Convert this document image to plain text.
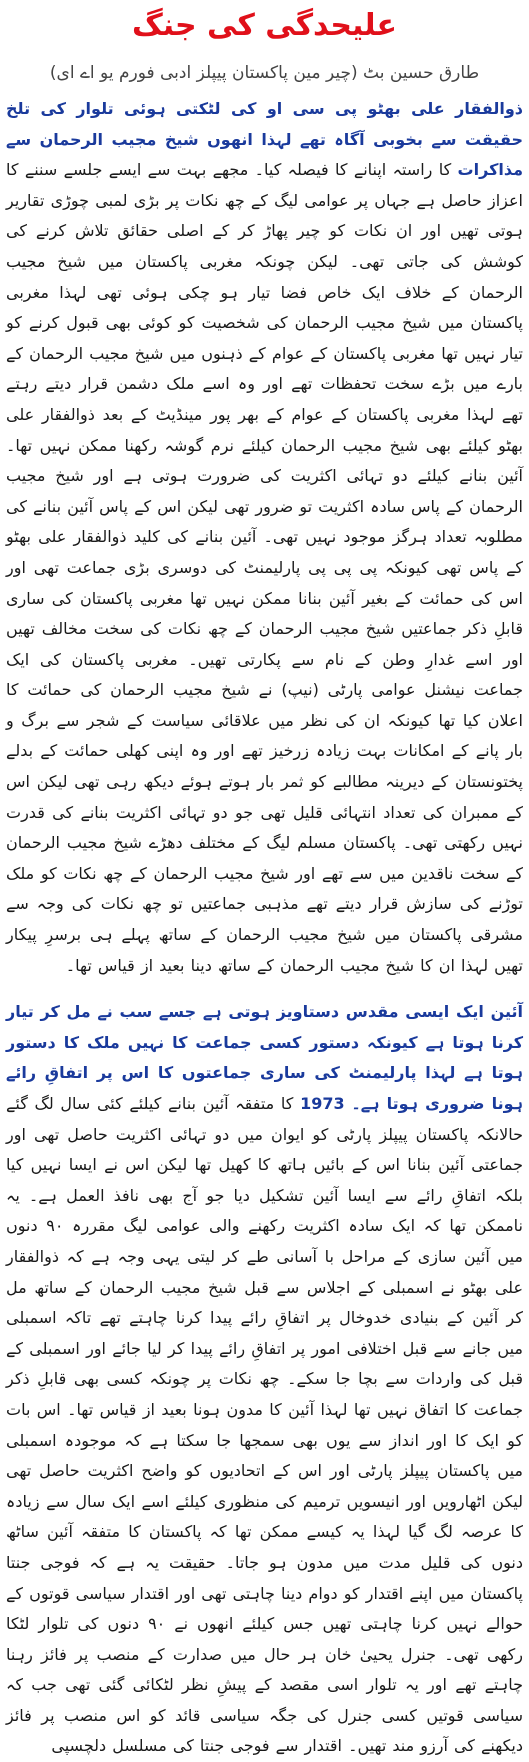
علیحدگی کی جنگ
طارق حسین بٹ (چیر مین پاکستان پیپلز ادبی فورم یو اے ای)

ذوالفقار علی بھٹو پی سی او کی لٹکتی ہوئی تلوار کی تلخ حقیقت سے بخوبی آگاہ تھے لہذا انھوں شیخ مجیب الرحمان سے مذاکرات کا راستہ اپنانے کا فیصلہ کیا۔ مجھے بہت سے ایسے جلسے سننے کا اعزاز حاصل ہے جہاں پر عوامی لیگ کے چھ نکات پر بڑی لمبی چوڑی تقاریر ہوتی تھیں اور ان نکات کو چیر پھاڑ کر کے اصلی حقائق تلاش کرنے کی کوشش کی جاتی تھی۔ لیکن چونکہ مغربی پاکستان میں شیخ مجیب الرحمان کے خلاف ایک خاص فضا تیار ہو چکی ہوئی تھی لہذا مغربی پاکستان میں شیخ مجیب الرحمان کی شخصیت کو کوئی بھی قبول کرنے کو تیار نہیں تھا مغربی پاکستان کے عوام کے ذہنوں میں شیخ مجیب الرحمان کے بارے میں بڑے سخت تحفظات تھے اور وہ اسے ملک دشمن قرار دیتے رہتے تھے لہذا مغربی پاکستان کے عوام کے بھر پور مینڈیٹ کے بعد ذوالفقار علی بھٹو کیلئے بھی شیخ مجیب الرحمان کیلئے نرم گوشہ رکھنا ممکن نہیں تھا۔ آئین بنانے کیلئے دو تہائی اکثریت کی ضرورت ہوتی ہے اور شیخ مجیب الرحمان کے پاس سادہ اکثریت تو ضرور تھی لیکن اس کے پاس آئین بنانے کی مطلوبہ تعداد ہرگز موجود نہیں تھی۔ آئین بنانے کی کلید ذوالفقار علی بھٹو کے پاس تھی کیونکہ پی پی پی پارلیمنٹ کی دوسری بڑی جماعت تھی اور اس کی حمائت کے بغیر آئین بنانا ممکن نہیں تھا مغربی پاکستان کی ساری قابلِ ذکر جماعتیں شیخ مجیب الرحمان کے چھ نکات کی سخت مخالف تھیں اور اسے غدارِ وطن کے نام سے پکارتی تھیں۔ مغربی پاکستان کی ایک جماعت نیشنل عوامی پارٹی (نیپ) نے شیخ مجیب الرحمان کی حمائت کا اعلان کیا تھا کیونکہ ان کی نظر میں علاقائی سیاست کے شجر سے برگ و بار پانے کے امکانات بہت زیادہ زرخیز تھے اور وہ اپنی کھلی حمائت کے بدلے پختونستان کے دیرینہ مطالبے کو ثمر بار ہوتے ہوئے دیکھ رہی تھی لیکن اس کے ممبران کی تعداد انتہائی قلیل تھی جو دو تہائی اکثریت بنانے کی قدرت نہیں رکھتی تھی۔ پاکستان مسلم لیگ کے مختلف دھڑے شیخ مجیب الرحمان کے سخت ناقدین میں سے تھے اور شیخ مجیب الرحمان کے چھ نکات کو ملک توڑنے کی سازش قرار دیتے تھے مذہبی جماعتیں تو چھ نکات کی وجہ سے مشرقی پاکستان میں شیخ مجیب الرحمان کے ساتھ پہلے ہی برسرِ پیکار تھیں لہذا ان کا شیخ مجیب الرحمان کے ساتھ دینا بعید از قیاس تھا۔

آئین ایک ایسی مقدس دستاویز ہوتی ہے جسے سب نے مل کر تیار کرنا ہوتا ہے کیونکہ دستور کسی جماعت کا نہیں ملک کا دستور ہوتا ہے لہذا پارلیمنٹ کی ساری جماعتوں کا اس پر اتفاقِ رائے ہونا ضروری ہوتا ہے۔ 1973 کا متفقہ آئین بنانے کیلئے کئی سال لگ گئے حالانکہ پاکستان پیپلز پارٹی کو ایوان میں دو تہائی اکثریت حاصل تھی اور جماعتی آئین بنانا اس کے بائیں ہاتھ کا کھیل تھا لیکن اس نے ایسا نہیں کیا بلکہ اتفاقِ رائے سے ایسا آئین تشکیل دیا جو آج بھی نافذ العمل ہے۔ یہ ناممکن تھا کہ ایک سادہ اکثریت رکھنے والی عوامی لیگ مقررہ ۹۰ دنوں میں آئین سازی کے مراحل با آسانی طے کر لیتی یہی وجہ ہے کہ ذوالفقار علی بھٹو نے اسمبلی کے اجلاس سے قبل شیخ مجیب الرحمان کے ساتھ مل کر آئین کے بنیادی خدوخال پر اتفاقِ رائے پیدا کرنا چاہتے تھے تاکہ اسمبلی میں جانے سے قبل اختلافی امور پر اتفاقِ رائے پیدا کر لیا جائے اور اسمبلی کے قبل کی واردات سے بچا جا سکے۔ چھ نکات پر چونکہ کسی بھی قابلِ ذکر جماعت کا اتفاق نہیں تھا لہذا آئین کا مدون ہونا بعید از قیاس تھا۔ اس بات کو ایک کا اور انداز سے یوں بھی سمجھا جا سکتا ہے کہ موجودہ اسمبلی میں پاکستان پیپلز پارٹی اور اس کے اتحادیوں کو واضح اکثریت حاصل تھی لیکن اٹھارویں اور انیسویں ترمیم کی منظوری کیلئے اسے ایک سال سے زیادہ کا عرصہ لگ گیا لہذا یہ کیسے ممکن تھا کہ پاکستان کا متفقہ آئین ساٹھ دنوں کی قلیل مدت میں مدون ہو جاتا۔ حقیقت یہ ہے کہ فوجی جنتا پاکستان میں اپنے اقتدار کو دوام دینا چاہتی تھی اور اقتدار سیاسی قوتوں کے حوالے نہیں کرنا چاہتی تھیں جس کیلئے انھوں نے ۹۰ دنوں کی تلوار لٹکا رکھی تھی۔ جنرل یحییٰ خان ہر حال میں صدارت کے منصب پر فائز رہنا چاہتے تھے اور یہ تلوار اسی مقصد کے پیشِ نظر لٹکائی گئی تھی جب کہ سیاسی قوتیں کسی جنرل کی جگہ سیاسی قائد کو اس منصب پر فائز دیکھنے کی آرزو مند تھیں۔ اقتدار سے فوجی جنتا کی مسلسل دلچسپی
